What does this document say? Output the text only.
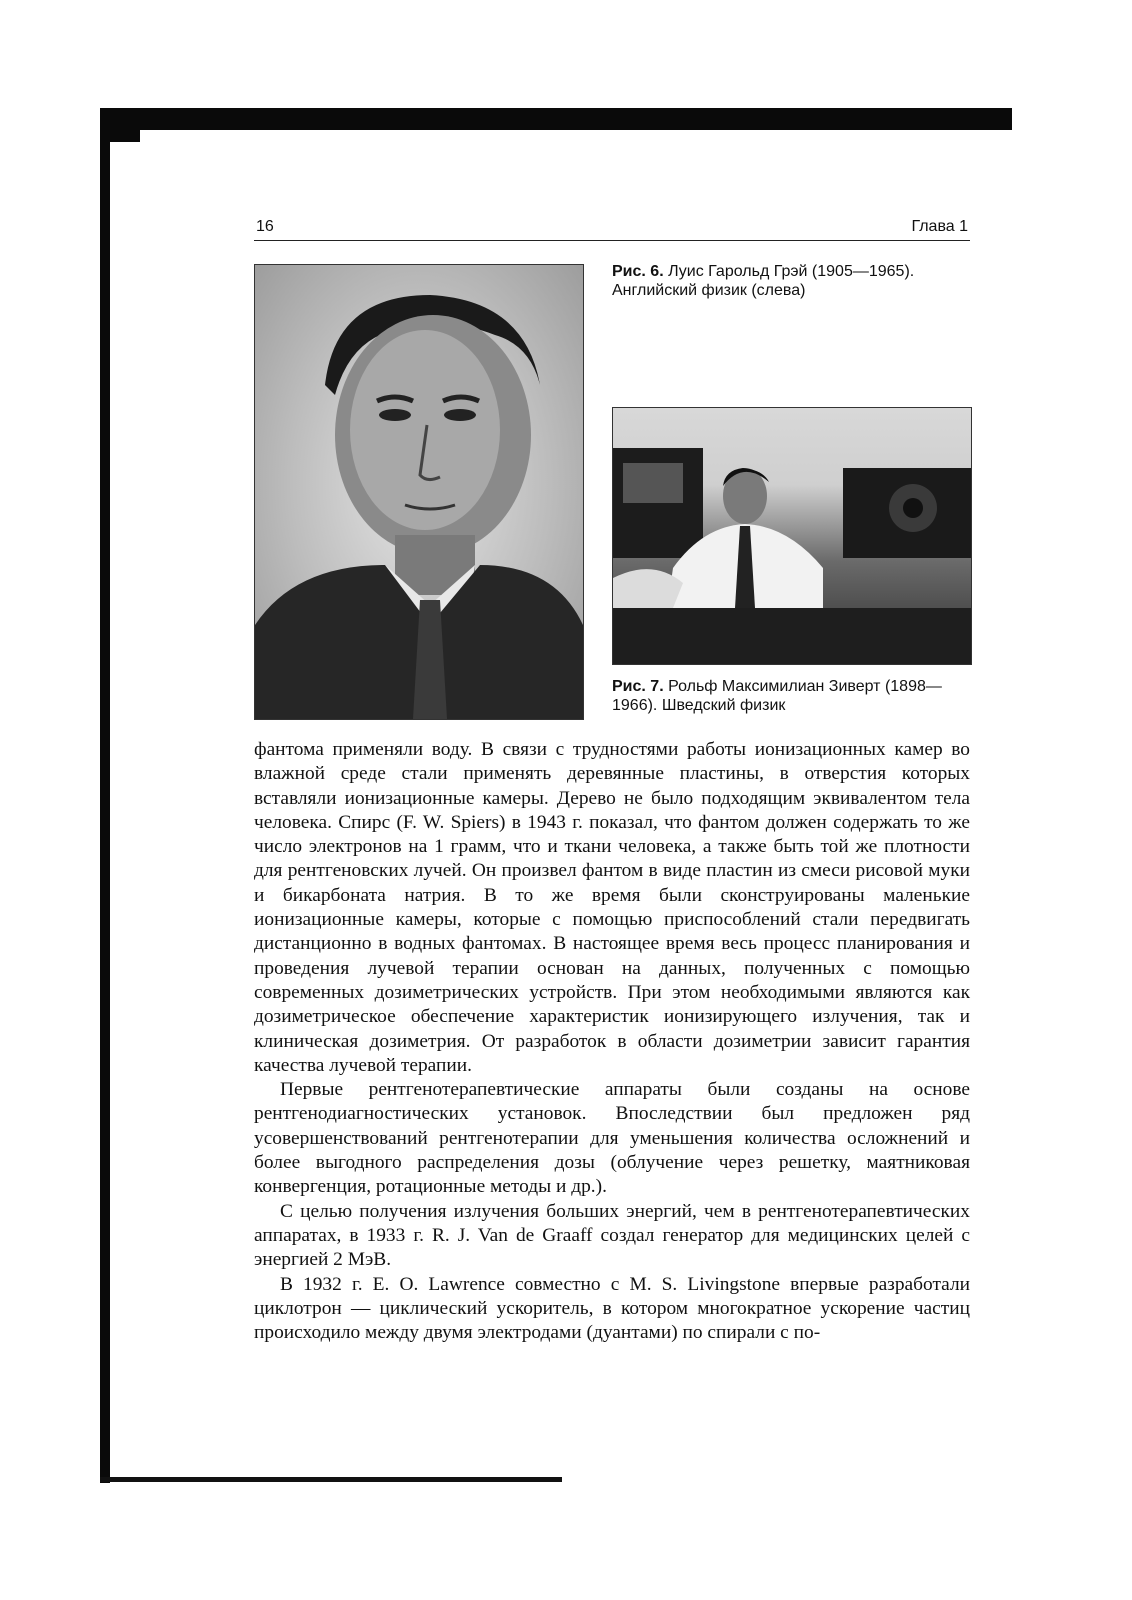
16	Глава 1
Рис. 6. Луис Гарольд Грэй (1905—1965). Английский физик (слева)
Рис. 7. Рольф Максимилиан Зиверт (1898—1966). Шведский физик

фантома применяли воду. В связи с трудностями работы ионизационных камер во влажной среде стали применять деревянные пластины, в отверстия которых вставляли ионизационные камеры. Дерево не было подходящим эквивалентом тела человека. Спирс (F. W. Spiers) в 1943 г. показал, что фантом должен содержать то же число электронов на 1 грамм, что и ткани человека, а также быть той же плотности для рентгеновских лучей. Он произвел фантом в виде пластин из смеси рисовой муки и бикарбоната натрия. В то же время были сконструированы маленькие ионизационные камеры, которые с помощью приспособлений стали передвигать дистанционно в водных фантомах. В настоящее время весь процесс планирования и проведения лучевой терапии основан на данных, полученных с помощью современных дозиметрических устройств. При этом необходимыми являются как дозиметрическое обеспечение характеристик ионизирующего излучения, так и клиническая дозиметрия. От разработок в области дозиметрии зависит гарантия качества лучевой терапии.

Первые рентгенотерапевтические аппараты были созданы на основе рентгенодиагностических установок. Впоследствии был предложен ряд усовершенствований рентгенотерапии для уменьшения количества осложнений и более выгодного распределения дозы (облучение через решетку, маятниковая конвергенция, ротационные методы и др.).

С целью получения излучения больших энергий, чем в рентгенотерапевтических аппаратах, в 1933 г. R. J. Van de Graaff создал генератор для медицинских целей с энергией 2 МэВ.

В 1932 г. E. O. Lawrence совместно с M. S. Livingstone впервые разработали циклотрон — циклический ускоритель, в котором многократное ускорение частиц происходило между двумя электродами (дуантами) по спирали с по-
